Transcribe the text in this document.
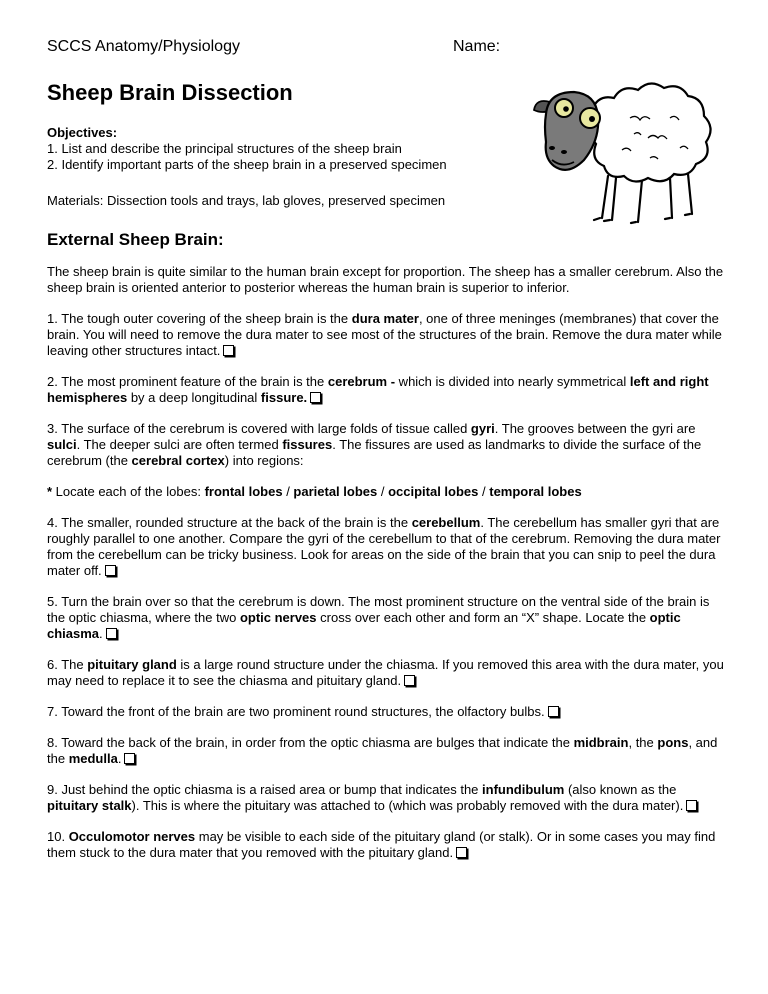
SCCS Anatomy/Physiology	Name:
Sheep Brain Dissection
Objectives:
1. List and describe the principal structures of the sheep brain
2. Identify important parts of the sheep brain in a preserved specimen
Materials: Dissection tools and trays, lab gloves, preserved specimen
External Sheep Brain:

The sheep brain is quite similar to the human brain except for proportion. The sheep has a smaller cerebrum. Also the sheep brain is oriented anterior to posterior whereas the human brain is superior to inferior.

1. The tough outer covering of the sheep brain is the dura mater, one of three meninges (membranes) that cover the brain. You will need to remove the dura mater to see most of the structures of the brain. Remove the dura mater while leaving other structures intact.

2. The most prominent feature of the brain is the cerebrum - which is divided into nearly symmetrical left and right hemispheres by a deep longitudinal fissure.

3. The surface of the cerebrum is covered with large folds of tissue called gyri. The grooves between the gyri are sulci. The deeper sulci are often termed fissures. The fissures are used as landmarks to divide the surface of the cerebrum (the cerebral cortex) into regions:

* Locate each of the lobes: frontal lobes / parietal lobes / occipital lobes / temporal lobes

4. The smaller, rounded structure at the back of the brain is the cerebellum. The cerebellum has smaller gyri that are roughly parallel to one another. Compare the gyri of the cerebellum to that of the cerebrum. Removing the dura mater from the cerebellum can be tricky business. Look for areas on the side of the brain that you can snip to peel the dura mater off.

5. Turn the brain over so that the cerebrum is down. The most prominent structure on the ventral side of the brain is the optic chiasma, where the two optic nerves cross over each other and form an “X” shape. Locate the optic chiasma.

6. The pituitary gland is a large round structure under the chiasma. If you removed this area with the dura mater, you may need to replace it to see the chiasma and pituitary gland.

7. Toward the front of the brain are two prominent round structures, the olfactory bulbs.

8. Toward the back of the brain, in order from the optic chiasma are bulges that indicate the midbrain, the pons, and the medulla.

9. Just behind the optic chiasma is a raised area or bump that indicates the infundibulum (also known as the pituitary stalk). This is where the pituitary was attached to (which was probably removed with the dura mater).

10. Occulomotor nerves may be visible to each side of the pituitary gland (or stalk). Or in some cases you may find them stuck to the dura mater that you removed with the pituitary gland.
